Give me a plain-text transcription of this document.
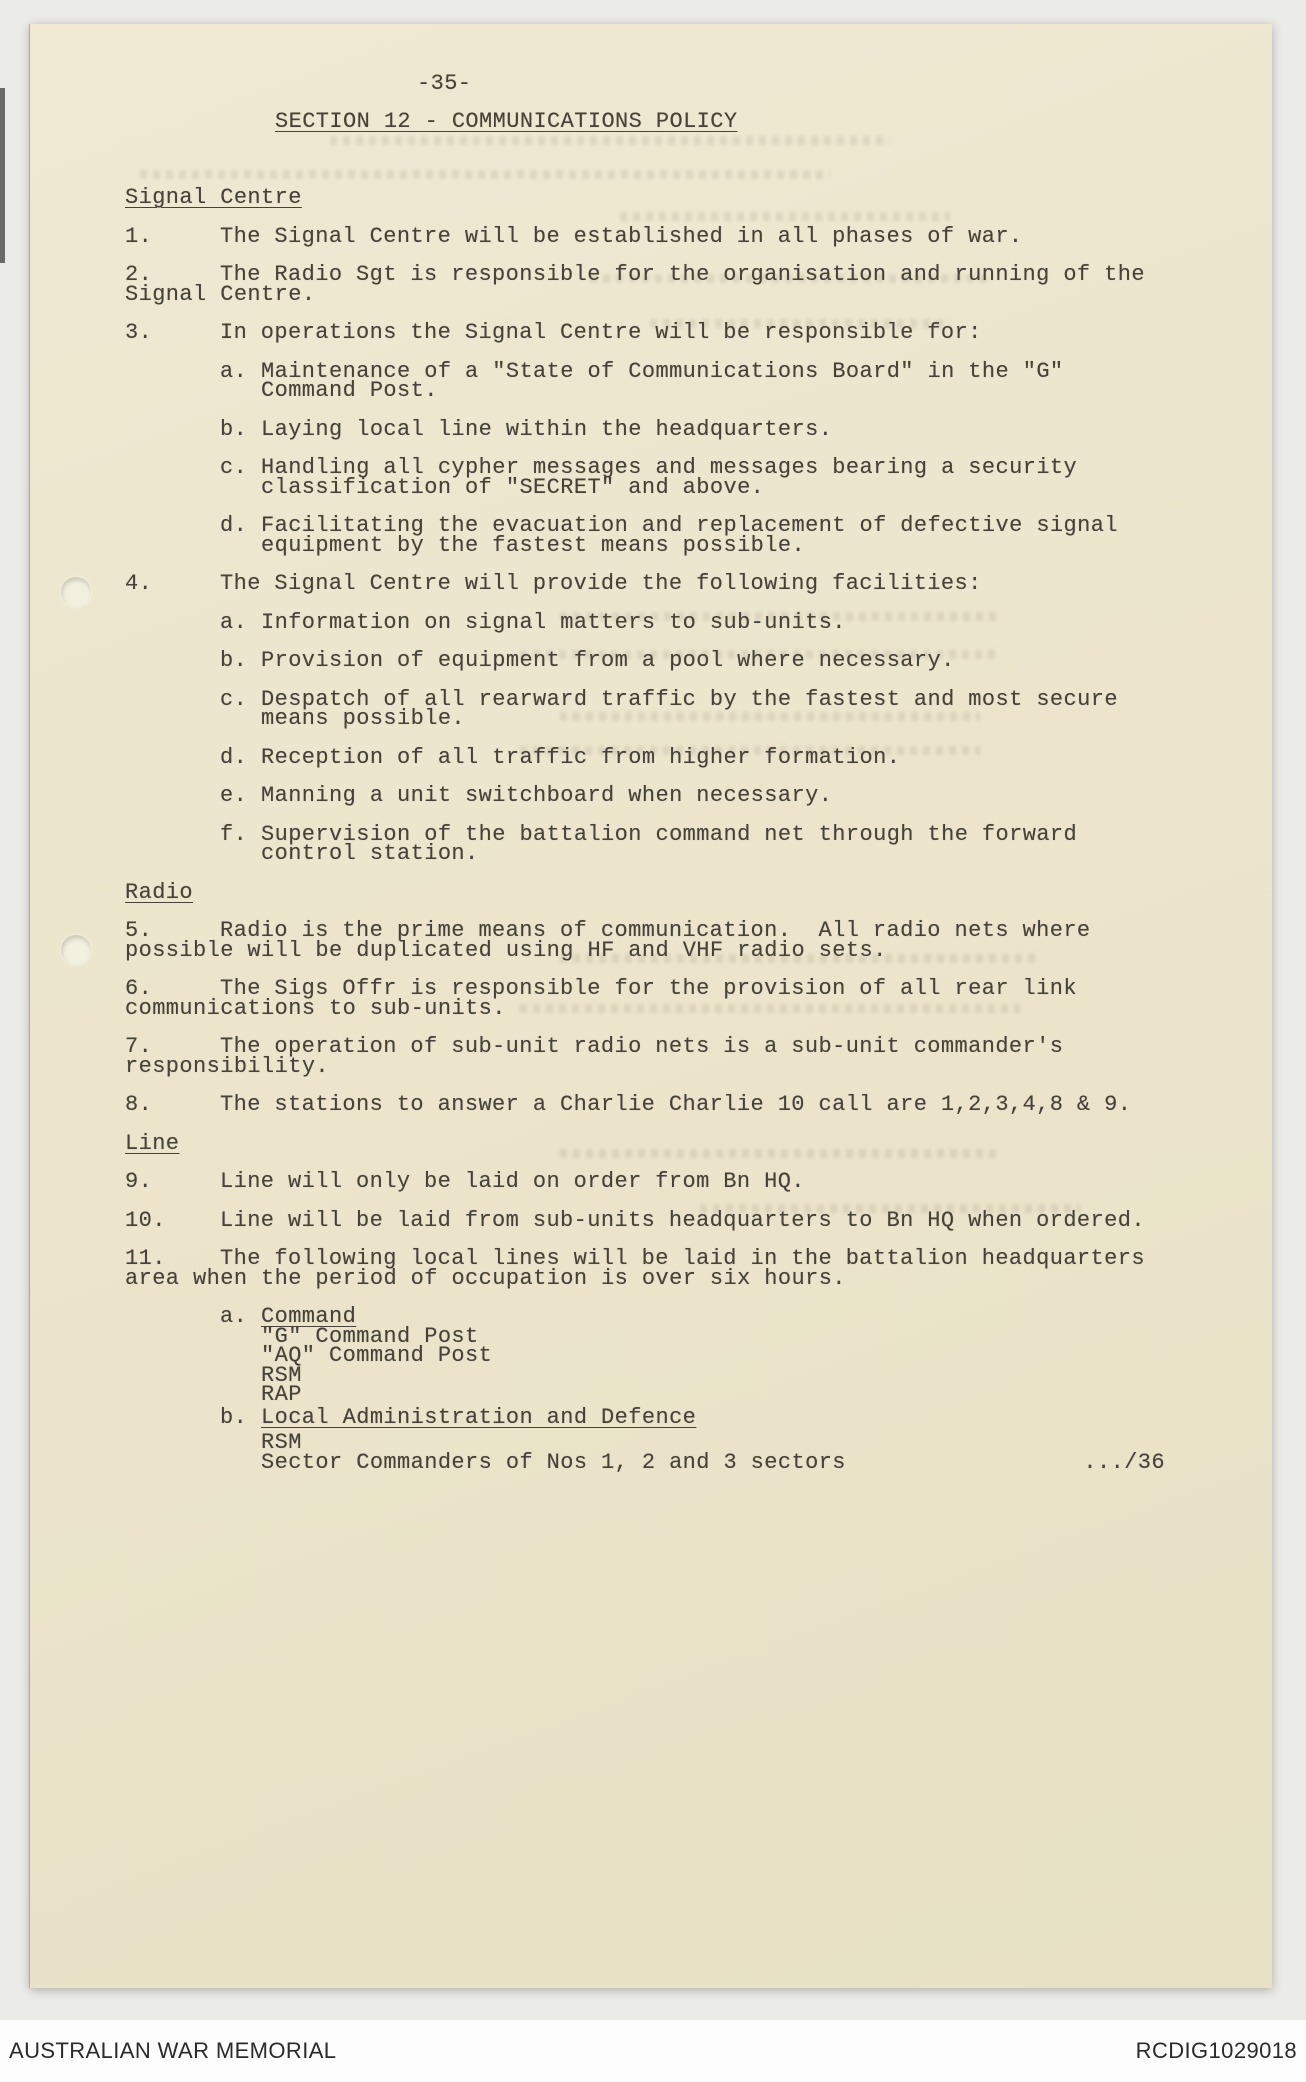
-35-
SECTION 12 - COMMUNICATIONS POLICY
Signal Centre
1.	The Signal Centre will be established in all phases of war.
2.	The Radio Sgt is responsible for the organisation and running of the Signal Centre.
3.	In operations the Signal Centre will be responsible for:
a. Maintenance of a "State of Communications Board" in the "G" Command Post.
b. Laying local line within the headquarters.
c. Handling all cypher messages and messages bearing a security classification of "SECRET" and above.
d. Facilitating the evacuation and replacement of defective signal equipment by the fastest means possible.
4.	The Signal Centre will provide the following facilities:
a. Information on signal matters to sub-units.
b. Provision of equipment from a pool where necessary.
c. Despatch of all rearward traffic by the fastest and most secure means possible.
d. Reception of all traffic from higher formation.
e. Manning a unit switchboard when necessary.
f. Supervision of the battalion command net through the forward control station.
Radio
5.	Radio is the prime means of communication.  All radio nets where possible will be duplicated using HF and VHF radio sets.
6.	The Sigs Offr is responsible for the provision of all rear link communications to sub-units.
7.	The operation of sub-unit radio nets is a sub-unit commander's responsibility.
8.	The stations to answer a Charlie Charlie 10 call are 1,2,3,4,8 & 9.
Line
9.	Line will only be laid on order from Bn HQ.
10. Line will be laid from sub-units headquarters to Bn HQ when ordered.
11. The following local lines will be laid in the battalion headquarters area when the period of occupation is over six hours.
a. Command
"G" Command Post
"AQ" Command Post
RSM
RAP
b. Local Administration and Defence
RSM
Sector Commanders of Nos 1, 2 and 3 sectors	.../36
AUSTRALIAN WAR MEMORIAL	RCDIG1029018
